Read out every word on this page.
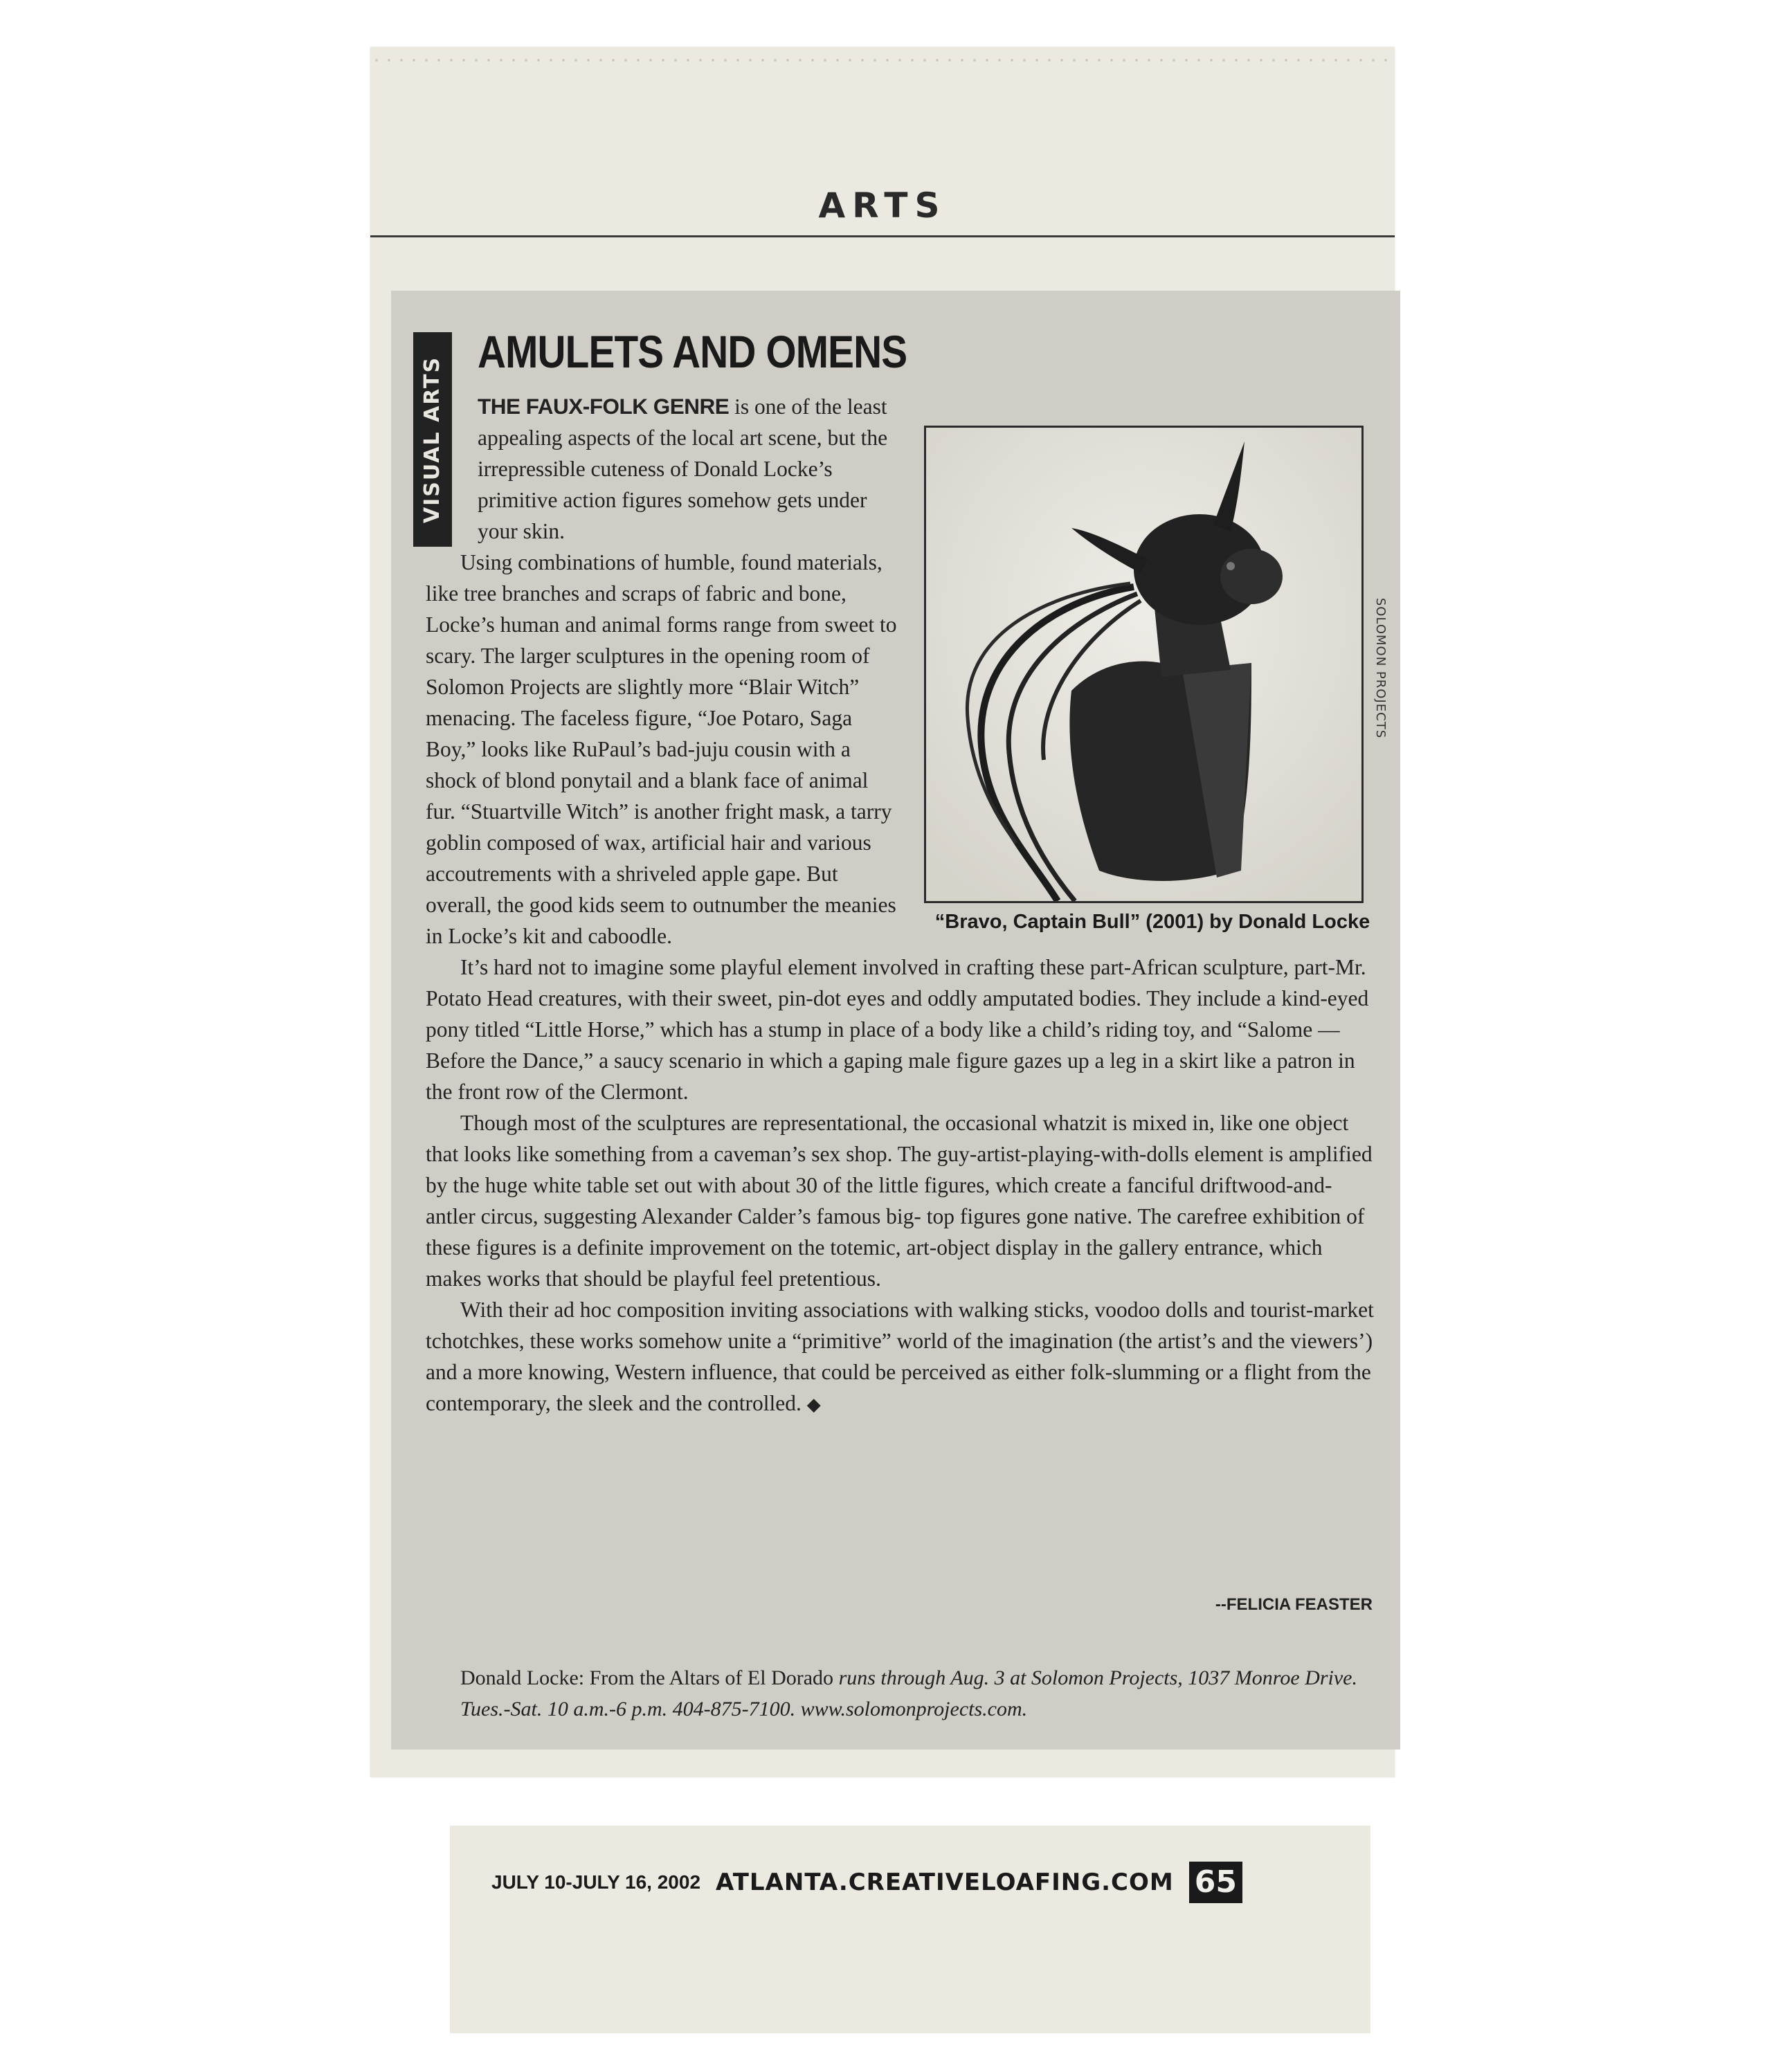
ARTS
VISUAL ARTS
AMULETS AND OMENS
SOLOMON PROJECTS
“Bravo, Captain Bull” (2001) by Donald Locke

THE FAUX-FOLK GENRE is one of the least appealing aspects of the local art scene, but the irrepressible cuteness of Donald Locke’s primitive action figures somehow gets under your skin.

Using combinations of humble, found materials, like tree branches and scraps of fabric and bone, Locke’s human and animal forms range from sweet to scary. The larger sculptures in the opening room of Solomon Projects are slightly more “Blair Witch” menacing. The faceless figure, “Joe Potaro, Saga Boy,” looks like RuPaul’s bad-juju cousin with a shock of blond ponytail and a blank face of animal fur. “Stuartville Witch” is another fright mask, a tarry goblin composed of wax, artificial hair and various accoutrements with a shriveled apple gape. But overall, the good kids seem to outnumber the meanies in Locke’s kit and caboodle.

It’s hard not to imagine some playful element involved in crafting these part-African sculpture, part-Mr. Potato Head creatures, with their sweet, pin-dot eyes and oddly amputated bodies. They include a kind-eyed pony titled “Little Horse,” which has a stump in place of a body like a child’s riding toy, and “Salome — Before the Dance,” a saucy scenario in which a gaping male figure gazes up a leg in a skirt like a patron in the front row of the Clermont.

Though most of the sculptures are representational, the occasional whatzit is mixed in, like one object that looks like something from a caveman’s sex shop. The guy-artist-playing-with-dolls element is amplified by the huge white table set out with about 30 of the little figures, which create a fanciful driftwood-and-antler circus, suggesting Alexander Calder’s famous big- top figures gone native. The carefree exhibition of these figures is a definite improvement on the totemic, art-object display in the gallery entrance, which makes works that should be playful feel pretentious.

With their ad hoc composition inviting associations with walking sticks, voodoo dolls and tourist-market tchotchkes, these works somehow unite a “primitive” world of the imagination (the artist’s and the viewers’) and a more knowing, Western influence, that could be perceived as either folk-slumming or a flight from the contemporary, the sleek and the controlled. ◆

--FELICIA FEASTER

Donald Locke: From the Altars of El Dorado runs through Aug. 3 at Solomon Projects, 1037 Monroe Drive. Tues.-Sat. 10 a.m.-6 p.m. 404-875-7100. www.solomonprojects.com.

JULY 10-JULY 16, 2002 ATLANTA.CREATIVELOAFING.COM 65
